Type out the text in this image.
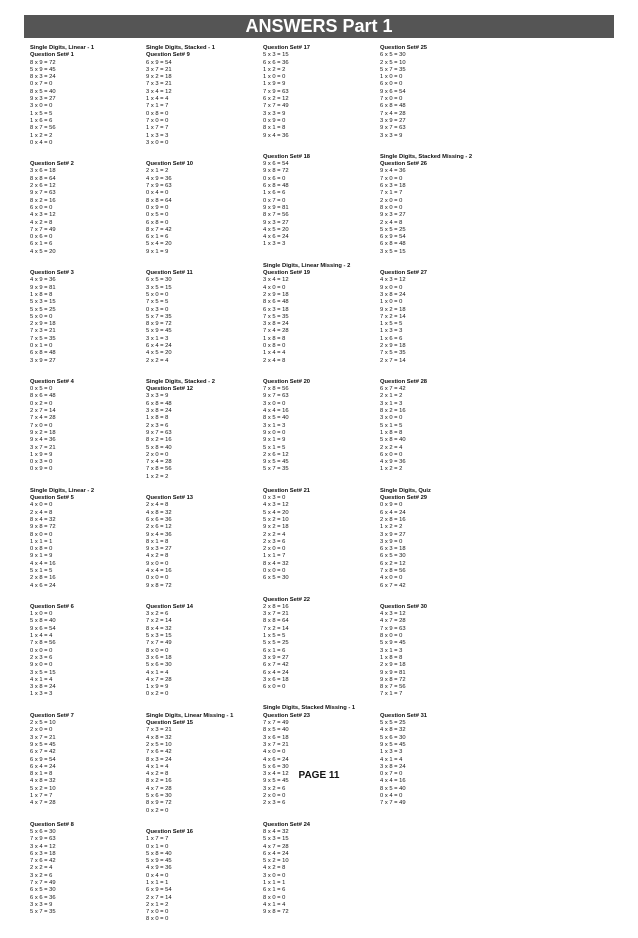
ANSWERS Part 1
Single Digits, Linear - 1
Question Set# 1
8 x 9 = 72
5 x 9 = 45
8 x 3 = 24
0 x 7 = 0
8 x 5 = 40
9 x 3 = 27
3 x 0 = 0
1 x 5 = 5
1 x 6 = 6
8 x 7 = 56
1 x 2 = 2
0 x 4 = 0
Question Set# 2
3 x 6 = 18
8 x 8 = 64
2 x 6 = 12
9 x 7 = 63
8 x 2 = 16
6 x 0 = 0
4 x 3 = 12
4 x 2 = 8
7 x 7 = 49
0 x 6 = 0
6 x 1 = 6
4 x 5 = 20
Question Set# 3
4 x 9 = 36
9 x 9 = 81
1 x 8 = 8
5 x 3 = 15
5 x 5 = 25
5 x 0 = 0
2 x 9 = 18
7 x 3 = 21
7 x 5 = 35
0 x 1 = 0
6 x 8 = 48
3 x 9 = 27
Question Set# 4
0 x 5 = 0
8 x 6 = 48
0 x 2 = 0
2 x 7 = 14
7 x 4 = 28
7 x 0 = 0
9 x 2 = 18
9 x 4 = 36
3 x 7 = 21
1 x 9 = 9
0 x 3 = 0
0 x 9 = 0
Single Digits, Linear - 2
Question Set# 5
4 x 0 = 0
2 x 4 = 8
8 x 4 = 32
9 x 8 = 72
8 x 0 = 0
1 x 1 = 1
0 x 8 = 0
9 x 1 = 9
4 x 4 = 16
5 x 1 = 5
2 x 8 = 16
4 x 6 = 24
Question Set# 6
1 x 0 = 0
5 x 8 = 40
9 x 6 = 54
1 x 4 = 4
7 x 8 = 56
0 x 0 = 0
2 x 3 = 6
9 x 0 = 0
3 x 5 = 15
4 x 1 = 4
3 x 8 = 24
1 x 3 = 3
Question Set# 7
2 x 5 = 10
2 x 0 = 0
3 x 7 = 21
9 x 5 = 45
6 x 7 = 42
6 x 9 = 54
6 x 4 = 24
8 x 1 = 8
4 x 8 = 32
5 x 2 = 10
1 x 7 = 7
4 x 7 = 28
Question Set# 8
5 x 6 = 30
7 x 9 = 63
3 x 4 = 12
6 x 3 = 18
7 x 6 = 42
2 x 2 = 4
3 x 2 = 6
7 x 7 = 49
6 x 5 = 30
6 x 6 = 36
3 x 3 = 9
5 x 7 = 35
Single Digits, Stacked - 1
Question Set# 9
6 x 9 = 54
3 x 7 = 21
9 x 2 = 18
7 x 3 = 21
3 x 4 = 12
1 x 4 = 4
7 x 1 = 7
0 x 8 = 0
7 x 0 = 0
1 x 7 = 7
1 x 3 = 3
3 x 0 = 0
Question Set# 10
2 x 1 = 2
4 x 9 = 36
7 x 9 = 63
0 x 4 = 0
8 x 8 = 64
0 x 9 = 0
0 x 5 = 0
6 x 8 = 0
8 x 7 = 42
6 x 1 = 6
5 x 4 = 20
9 x 1 = 9
Question Set# 11
6 x 5 = 30
3 x 5 = 15
5 x 0 = 0
7 x 5 = 5
0 x 3 = 0
5 x 7 = 35
8 x 9 = 72
5 x 9 = 45
3 x 1 = 3
6 x 4 = 24
4 x 5 = 20
2 x 2 = 4
Single Digits, Stacked - 2
Question Set# 12
3 x 3 = 9
6 x 8 = 48
3 x 8 = 24
1 x 8 = 8
2 x 3 = 6
9 x 7 = 63
8 x 2 = 16
5 x 8 = 40
2 x 0 = 0
7 x 4 = 28
7 x 8 = 56
1 x 2 = 2
Question Set# 13
2 x 4 = 8
4 x 8 = 32
6 x 6 = 36
2 x 6 = 12
9 x 4 = 36
8 x 1 = 8
9 x 3 = 27
4 x 2 = 8
9 x 0 = 0
4 x 4 = 16
0 x 0 = 0
9 x 8 = 72
Question Set# 14
3 x 2 = 6
7 x 2 = 14
8 x 4 = 32
5 x 3 = 15
7 x 7 = 49
8 x 0 = 0
3 x 6 = 18
5 x 6 = 30
4 x 1 = 4
4 x 7 = 28
1 x 9 = 9
0 x 2 = 0
Single Digits, Linear Missing - 1
Question Set# 15
7 x 3 = 21
4 x 8 = 32
2 x 5 = 10
7 x 6 = 42
8 x 3 = 24
4 x 1 = 4
4 x 2 = 8
8 x 2 = 16
4 x 7 = 28
5 x 6 = 30
8 x 9 = 72
0 x 2 = 0
Question Set# 16
1 x 7 = 7
0 x 1 = 0
5 x 8 = 40
5 x 9 = 45
4 x 9 = 36
0 x 4 = 0
1 x 1 = 1
6 x 9 = 54
2 x 7 = 14
2 x 1 = 2
7 x 0 = 0
8 x 0 = 0
Question Set# 17
5 x 3 = 15
6 x 6 = 36
1 x 2 = 2
1 x 0 = 0
1 x 9 = 9
7 x 9 = 63
6 x 2 = 12
7 x 7 = 49
3 x 3 = 9
0 x 9 = 0
8 x 1 = 8
9 x 4 = 36
Question Set# 18
9 x 6 = 54
9 x 8 = 72
0 x 6 = 0
6 x 8 = 48
1 x 6 = 6
0 x 7 = 0
9 x 9 = 81
8 x 7 = 56
9 x 3 = 27
4 x 5 = 20
4 x 6 = 24
1 x 3 = 3
Single Digits, Linear Missing - 2
Question Set# 19
3 x 4 = 12
4 x 0 = 0
2 x 9 = 18
8 x 6 = 48
6 x 3 = 18
7 x 5 = 35
3 x 8 = 24
7 x 4 = 28
1 x 8 = 8
0 x 8 = 0
1 x 4 = 4
2 x 4 = 8
Question Set# 20
7 x 8 = 56
9 x 7 = 63
3 x 0 = 0
4 x 4 = 16
8 x 5 = 40
3 x 1 = 3
9 x 0 = 0
9 x 1 = 9
5 x 1 = 5
2 x 6 = 12
9 x 5 = 45
5 x 7 = 35
Question Set# 21
0 x 3 = 0
4 x 3 = 12
5 x 4 = 20
5 x 2 = 10
9 x 2 = 18
2 x 2 = 4
2 x 3 = 6
2 x 0 = 0
1 x 1 = 7
8 x 4 = 32
0 x 0 = 0
6 x 5 = 30
Question Set# 22
2 x 8 = 16
3 x 7 = 21
8 x 8 = 64
7 x 2 = 14
1 x 5 = 5
5 x 5 = 25
6 x 1 = 6
3 x 9 = 27
6 x 7 = 42
6 x 4 = 24
3 x 6 = 18
6 x 0 = 0
Single Digits, Stacked Missing - 1
Question Set# 23
7 x 7 = 49
8 x 5 = 40
3 x 6 = 18
3 x 7 = 21
4 x 0 = 0
4 x 6 = 24
5 x 6 = 30
3 x 4 = 12
9 x 5 = 45
3 x 2 = 6
2 x 0 = 0
2 x 3 = 6
Question Set# 24
8 x 4 = 32
5 x 3 = 15
4 x 7 = 28
6 x 4 = 24
5 x 2 = 10
4 x 2 = 8
3 x 0 = 0
1 x 1 = 1
6 x 1 = 6
8 x 0 = 0
4 x 1 = 4
9 x 8 = 72
Question Set# 25
6 x 5 = 30
2 x 5 = 10
5 x 7 = 35
1 x 0 = 0
6 x 0 = 0
9 x 6 = 54
7 x 0 = 0
6 x 8 = 48
7 x 4 = 28
3 x 9 = 27
9 x 7 = 63
3 x 3 = 9
Single Digits, Stacked Missing - 2
Question Set# 26
9 x 4 = 36
7 x 0 = 0
6 x 3 = 18
7 x 1 = 7
2 x 0 = 0
8 x 0 = 0
9 x 3 = 27
2 x 4 = 8
5 x 5 = 25
6 x 9 = 54
6 x 8 = 48
3 x 5 = 15
Question Set# 27
4 x 3 = 12
9 x 0 = 0
3 x 8 = 24
1 x 0 = 0
9 x 2 = 18
7 x 2 = 14
1 x 5 = 5
1 x 3 = 3
1 x 6 = 6
2 x 9 = 18
7 x 5 = 35
2 x 7 = 14
Question Set# 28
6 x 7 = 42
2 x 1 = 2
3 x 1 = 3
8 x 2 = 16
3 x 0 = 0
5 x 1 = 5
1 x 8 = 8
5 x 8 = 40
2 x 2 = 4
6 x 0 = 0
4 x 9 = 36
1 x 2 = 2
Single Digits, Quiz
Question Set# 29
0 x 9 = 0
6 x 4 = 24
2 x 8 = 16
1 x 2 = 2
3 x 9 = 27
3 x 9 = 0
6 x 3 = 18
6 x 5 = 30
6 x 2 = 12
7 x 8 = 56
4 x 0 = 0
6 x 7 = 42
Question Set# 30
4 x 3 = 12
4 x 7 = 28
7 x 9 = 63
8 x 0 = 0
5 x 9 = 45
3 x 1 = 3
1 x 8 = 8
2 x 9 = 18
9 x 9 = 81
9 x 8 = 72
8 x 7 = 56
7 x 1 = 7
Question Set# 31
5 x 5 = 25
4 x 8 = 32
5 x 6 = 30
9 x 5 = 45
1 x 3 = 3
4 x 1 = 4
3 x 8 = 24
0 x 7 = 0
4 x 4 = 16
8 x 5 = 40
0 x 4 = 0
7 x 7 = 49
PAGE 11
